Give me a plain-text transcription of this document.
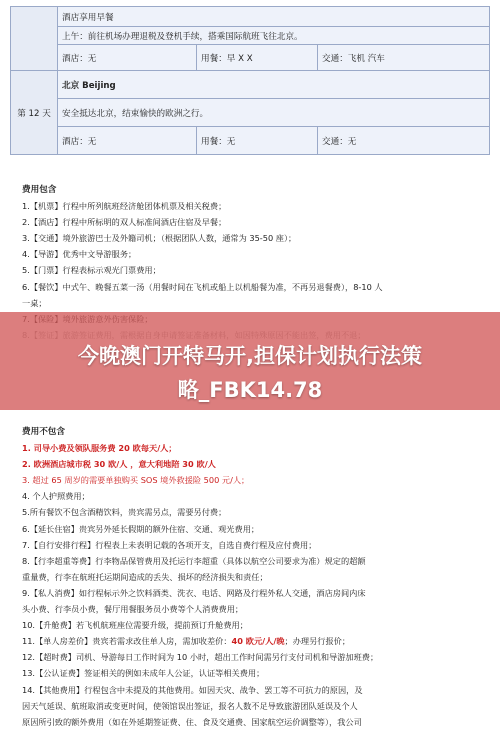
	酒店享用早餐		

	上午：前往机场办理退税及登机手续，搭乘国际航班飞往北京。		
	酒店：无	用餐：早 X X	交通：飞机 汽车
第 12 天	北京 Beijing		
	安全抵达北京，结束愉快的欧洲之行。		
	酒店：无	用餐：无	交通：无
费用包含
1.【机票】行程中所列航班经济舱团体机票及相关税费；
2.【酒店】行程中所标明的双人标准间酒店住宿及早餐；
3.【交通】境外旅游巴士及外籍司机；（根据团队人数，通常为 35-50 座）；
4.【导游】优秀中文导游服务；
5.【门票】行程表标示观光门票费用；
6.【餐饮】中式午、晚餐五菜一汤（用餐时间在飞机或船上以机船餐为准，不再另退餐费），8-10 人
一桌；
今晚澳门开特马开,担保计划执行法策
略_FBK14.78
费用不包含
1. 司导小费及领队服务费 20 欧每天/人；
2. 欧洲酒店城市税 30 欧/人 ，意大利地陪 30 欧/人
3. 超过 65 周岁的需要单独购买 SOS 境外救援险 500 元/人；
4. 个人护照费用；
5.所有餐饮不包含酒精饮料，贵宾需另点，需要另付费；
6.【延长住宿】贵宾另外延长假期的额外住宿、交通、观光费用；
7.【自行安排行程】行程表上未表明记载的各项开支，自选自费行程及应付费用；
8.【行李超重等费】行李物品保管费用及托运行李超重（具体以航空公司要求为准）规定的超额
重量费，行李在航班托运期间造成的丢失、损坏的经济损失和责任；
9.【私人消费】如行程标示外之饮料酒类、洗衣、电话、网路及行程外私人交通，酒店房间内床
头小费、行李员小费，餐厅用餐服务员小费等个人消费费用；
10.【升舱费】若飞机航班座位需要升级，提前预订升舱费用；
11.【单人房差价】贵宾若需求改住单人房，需加收差价：40 欧元/人/晚；办理另行报价；
12.【超时费】司机、导游每日工作时间为 10 小时，超出工作时间需另行支付司机和导游加班费；
13.【公认证费】签证相关的例如未成年人公证，认证等相关费用；
14.【其他费用】行程包含中未提及的其他费用。如因天灾、战争、罢工等不可抗力的原因，及
因天气延误、航班取消或变更时间，使领馆误出签证，报名人数不足导致旅游团队延误及个人
原因所引致的额外费用（如在外延期签证费、住、食及交通费、国家航空运价调整等），我公司
